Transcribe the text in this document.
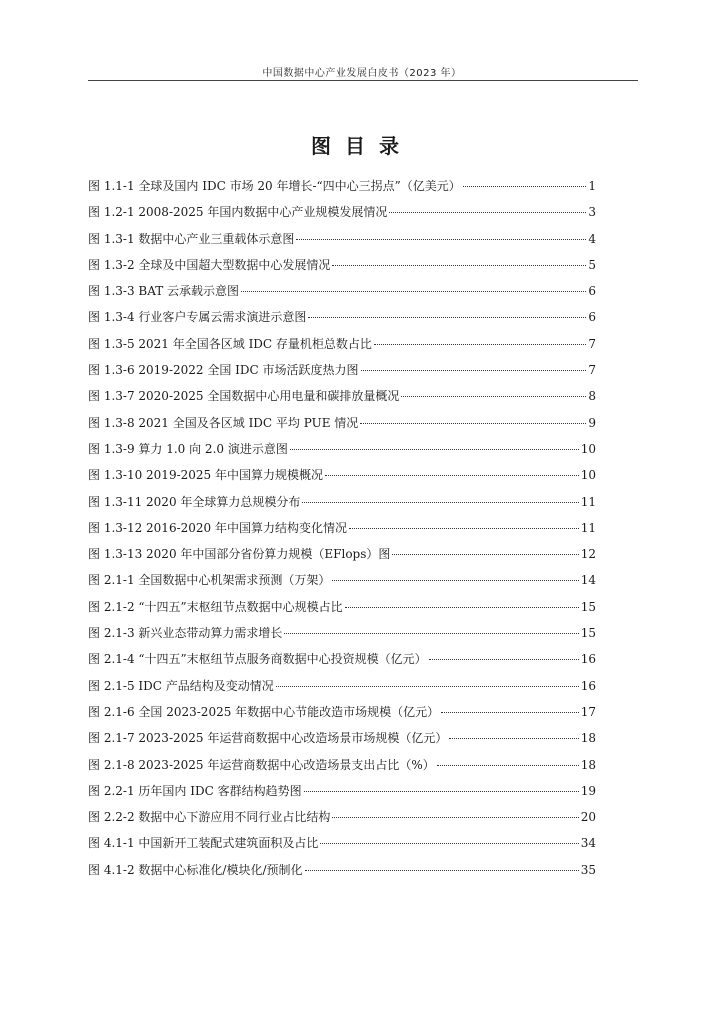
中国数据中心产业发展白皮书（2023 年）
图目录
图 1.1-1 全球及国内 IDC 市场 20 年增长-“四中心三拐点”（亿美元）	1
图 1.2-1 2008-2025 年国内数据中心产业规模发展情况	3
图 1.3-1 数据中心产业三重载体示意图	4
图 1.3-2 全球及中国超大型数据中心发展情况	5
图 1.3-3 BAT 云承载示意图	6
图 1.3-4 行业客户专属云需求演进示意图	6
图 1.3-5 2021 年全国各区域 IDC 存量机柜总数占比	7
图 1.3-6 2019-2022 全国 IDC 市场活跃度热力图	7
图 1.3-7 2020-2025 全国数据中心用电量和碳排放量概况	8
图 1.3-8 2021 全国及各区域 IDC 平均 PUE 情况	9
图 1.3-9 算力 1.0 向 2.0 演进示意图	10
图 1.3-10 2019-2025 年中国算力规模概况	10
图 1.3-11 2020 年全球算力总规模分布	11
图 1.3-12 2016-2020 年中国算力结构变化情况	11
图 1.3-13 2020 年中国部分省份算力规模（EFlops）图	12
图 2.1-1 全国数据中心机架需求预测（万架）	14
图 2.1-2 “十四五”末枢纽节点数据中心规模占比	15
图 2.1-3 新兴业态带动算力需求增长	15
图 2.1-4 “十四五”末枢纽节点服务商数据中心投资规模（亿元）	16
图 2.1-5 IDC 产品结构及变动情况	16
图 2.1-6 全国 2023-2025 年数据中心节能改造市场规模（亿元）	17
图 2.1-7 2023-2025 年运营商数据中心改造场景市场规模（亿元）	18
图 2.1-8 2023-2025 年运营商数据中心改造场景支出占比（%）	18
图 2.2-1 历年国内 IDC 客群结构趋势图	19
图 2.2-2 数据中心下游应用不同行业占比结构	20
图 4.1-1 中国新开工装配式建筑面积及占比	34
图 4.1-2 数据中心标准化/模块化/预制化	35
